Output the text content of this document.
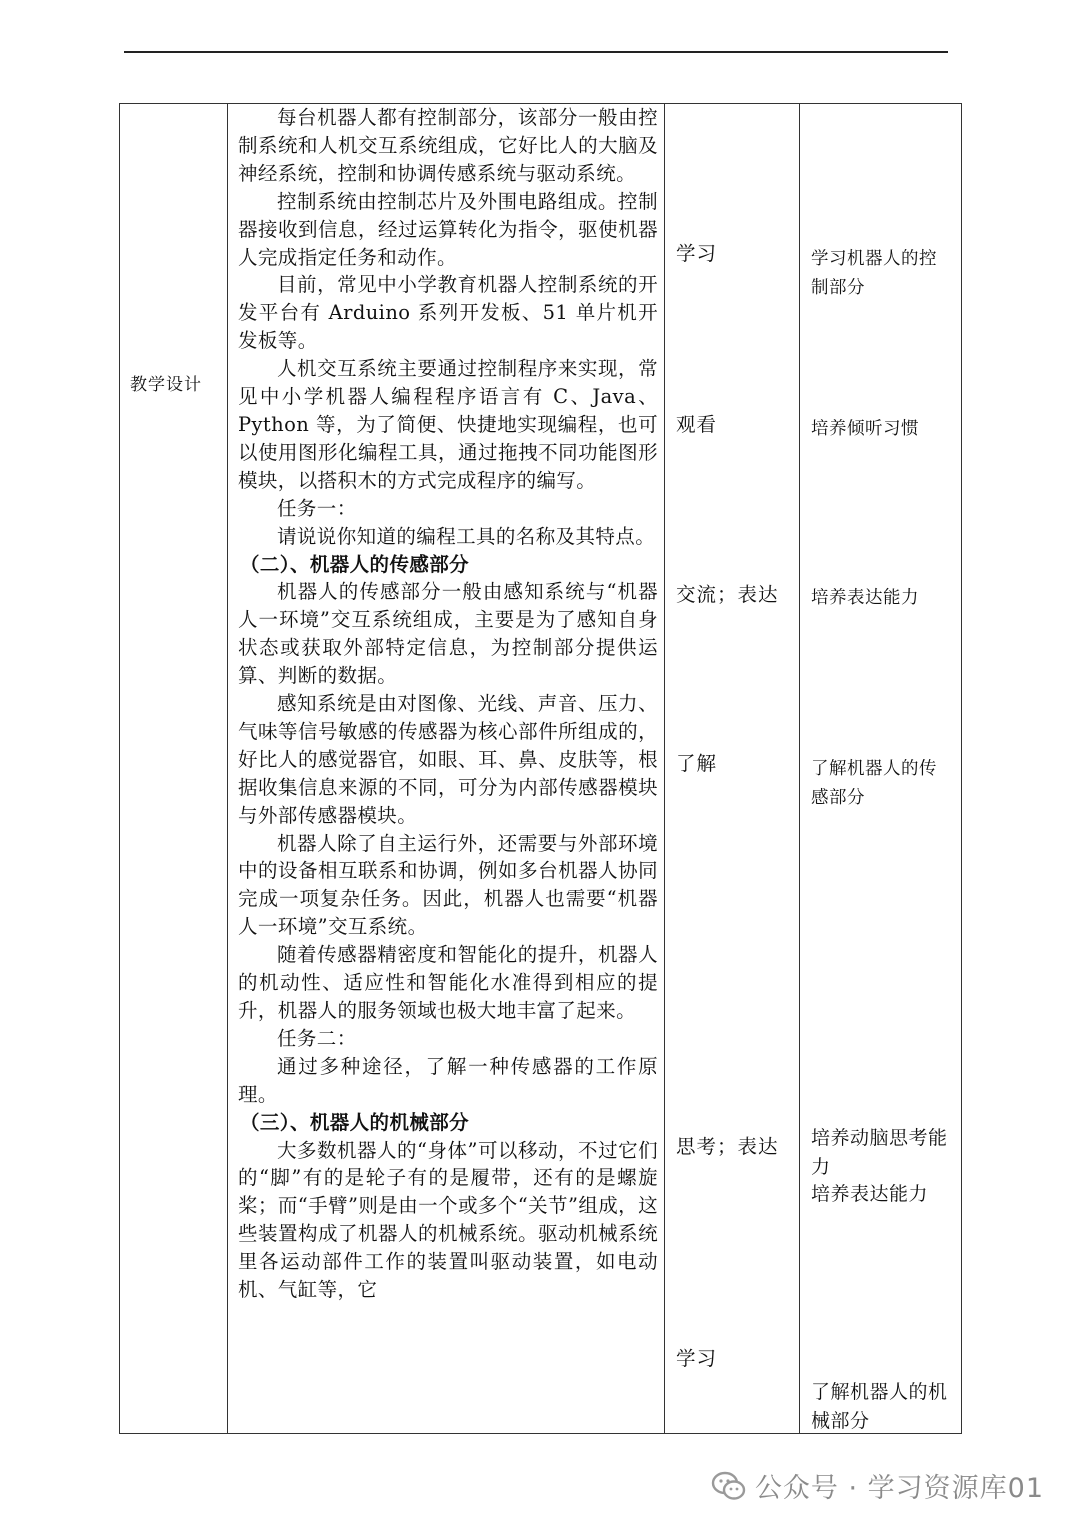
教学设计

每台机器人都有控制部分，该部分一般由控制系统和人机交互系统组成，它好比人的大脑及神经系统，控制和协调传感系统与驱动系统。

控制系统由控制芯片及外围电路组成。控制器接收到信息，经过运算转化为指令，驱使机器人完成指定任务和动作。

目前，常见中小学教育机器人控制系统的开发平台有 Arduino 系列开发板、51 单片机开发板等。

人机交互系统主要通过控制程序来实现，常见中小学机器人编程程序语言有 C、Java、Python 等，为了简便、快捷地实现编程，也可以使用图形化编程工具，通过拖拽不同功能图形模块，以搭积木的方式完成程序的编写。

任务一：

请说说你知道的编程工具的名称及其特点。

（二）、机器人的传感部分

机器人的传感部分一般由感知系统与“机器人一环境”交互系统组成，主要是为了感知自身状态或获取外部特定信息，为控制部分提供运算、判断的数据。

感知系统是由对图像、光线、声音、压力、气味等信号敏感的传感器为核心部件所组成的，好比人的感觉器官，如眼、耳、鼻、皮肤等，根据收集信息来源的不同，可分为内部传感器模块与外部传感器模块。

机器人除了自主运行外，还需要与外部环境中的设备相互联系和协调，例如多台机器人协同完成一项复杂任务。因此，机器人也需要“机器人一环境”交互系统。

随着传感器精密度和智能化的提升，机器人的机动性、适应性和智能化水准得到相应的提升，机器人的服务领域也极大地丰富了起来。

任务二：

通过多种途径，了解一种传感器的工作原理。

（三）、机器人的机械部分

大多数机器人的“身体”可以移动，不过它们的“脚”有的是轮子有的是履带，还有的是螺旋桨；而“手臂”则是由一个或多个“关节”组成，这些装置构成了机器人的机械系统。驱动机械系统里各运动部件工作的装置叫驱动装置，如电动机、气缸等，它

学习
观看
交流；表达
了解
思考；表达
学习
学习机器人的控制部分
培养倾听习惯
培养表达能力
了解机器人的传感部分
培养动脑思考能力
培养表达能力
了解机器人的机械部分
公众号 · 学习资源库01
